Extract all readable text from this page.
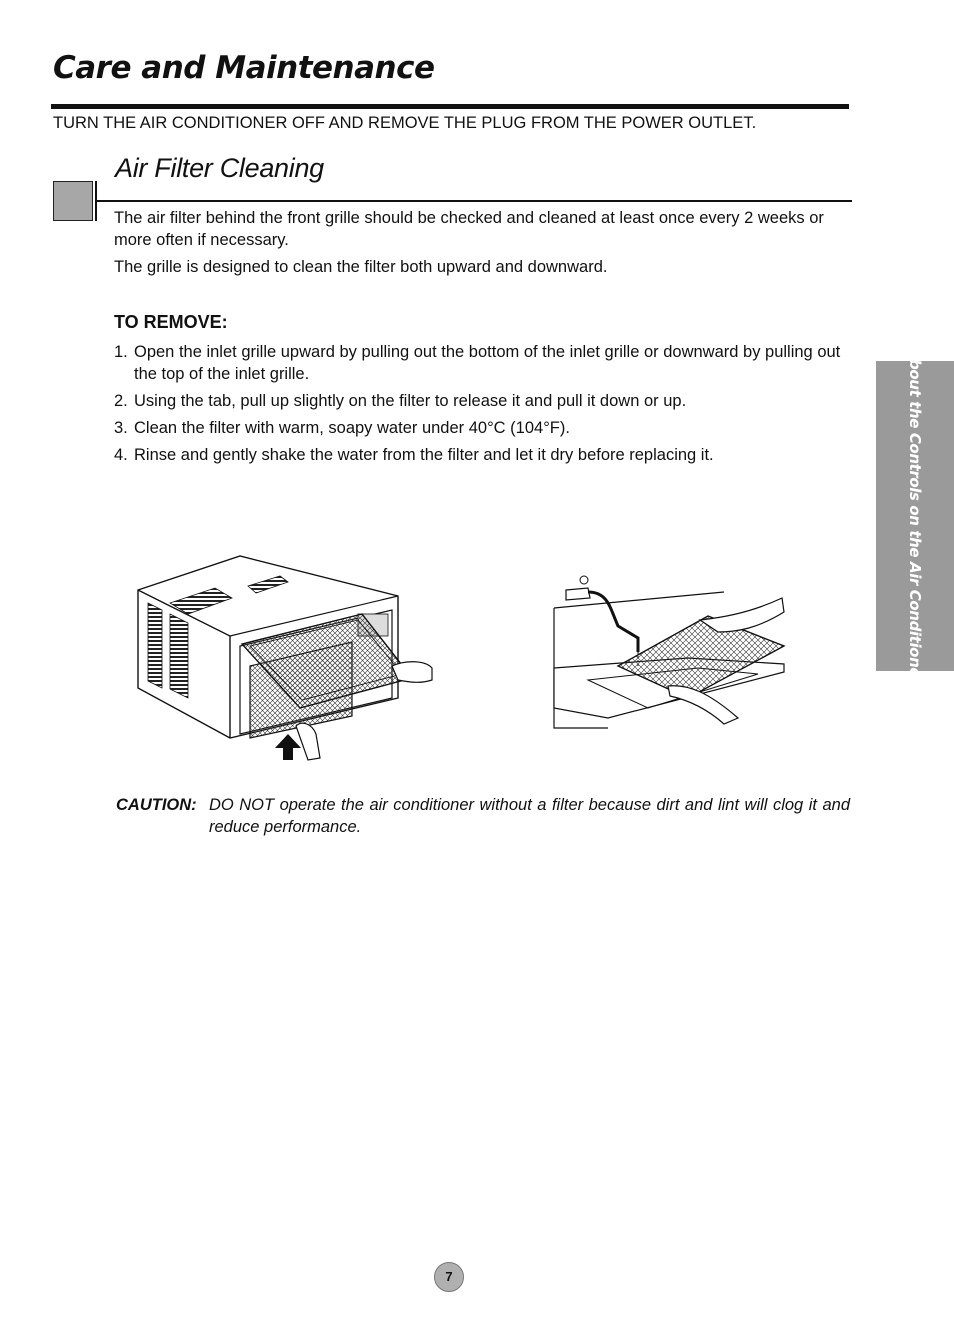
Care and Maintenance
TURN THE AIR CONDITIONER OFF AND REMOVE THE PLUG FROM THE POWER OUTLET.
Air Filter Cleaning

The air filter behind the front grille should be checked and cleaned at least once every 2 weeks or more often if necessary.

The grille is designed to clean the filter both upward and downward.

TO REMOVE:
1. Open the inlet grille upward by pulling out the bottom of the inlet grille or downward by pulling out the top of the inlet grille.
2. Using the tab, pull up slightly on the filter to release it and pull it down or up.
3. Clean the filter with warm, soapy water under 40°C (104°F).
4. Rinse and gently shake the water from the filter and let it dry before replacing it.
CAUTION: DO NOT operate the air conditioner without a filter because dirt and lint will clog it and reduce performance.
About the Controls on the Air Conditioner
7
